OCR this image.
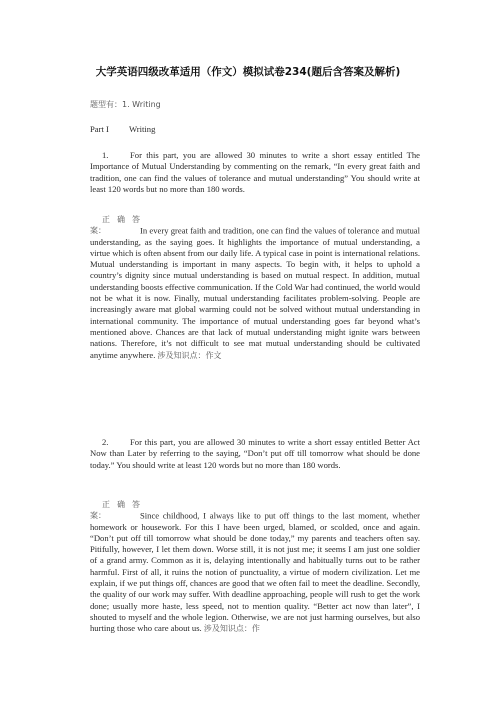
大学英语四级改革适用（作文）模拟试卷234(题后含答案及解析)
题型有：1. Writing
Part I Writing
1.	For this part, you are allowed 30 minutes to write a short essay entitled The Importance of Mutual Understanding by commenting on the remark, “In every great faith and tradition, one can find the values of tolerance and mutual understanding” You should write at least 120 words but no more than 180 words.
正确答案：	In every great faith and tradition, one can find the values of tolerance and mutual understanding, as the saying goes. It highlights the importance of mutual understanding, a virtue which is often absent from our daily life. A typical case in point is international relations. Mutual understanding is important in many aspects. To begin with, it helps to uphold a country’s dignity since mutual understanding is based on mutual respect. In addition, mutual understanding boosts effective communication. If the Cold War had continued, the world would not be what it is now. Finally, mutual understanding facilitates problem-solving. People are increasingly aware mat global warming could not be solved without mutual understanding in international community. The importance of mutual understanding goes far beyond what’s mentioned above. Chances are that lack of mutual understanding might ignite wars between nations. Therefore, it’s not difficult to see mat mutual understanding should be cultivated anytime anywhere. 涉及知识点：作文
2.	For this part, you are allowed 30 minutes to write a short essay entitled Better Act Now than Later by referring to the saying, “Don’t put off till tomorrow what should be done today.” You should write at least 120 words but no more than 180 words.
正确答案：	Since childhood, I always like to put off things to the last moment, whether homework or housework. For this I have been urged, blamed, or scolded, once and again. “Don’t put off till tomorrow what should be done today,” my parents and teachers often say. Pitifully, however, I let them down. Worse still, it is not just me; it seems I am just one soldier of a grand army. Common as it is, delaying intentionally and habitually turns out to be rather harmful. First of all, it ruins the notion of punctuality, a virtue of modern civilization. Let me explain, if we put things off, chances are good that we often fail to meet the deadline. Secondly, the quality of our work may suffer. With deadline approaching, people will rush to get the work done; usually more haste, less speed, not to mention quality. “Better act now than later”, I shouted to myself and the whole legion. Otherwise, we are not just harming ourselves, but also hurting those who care about us. 涉及知识点：作
